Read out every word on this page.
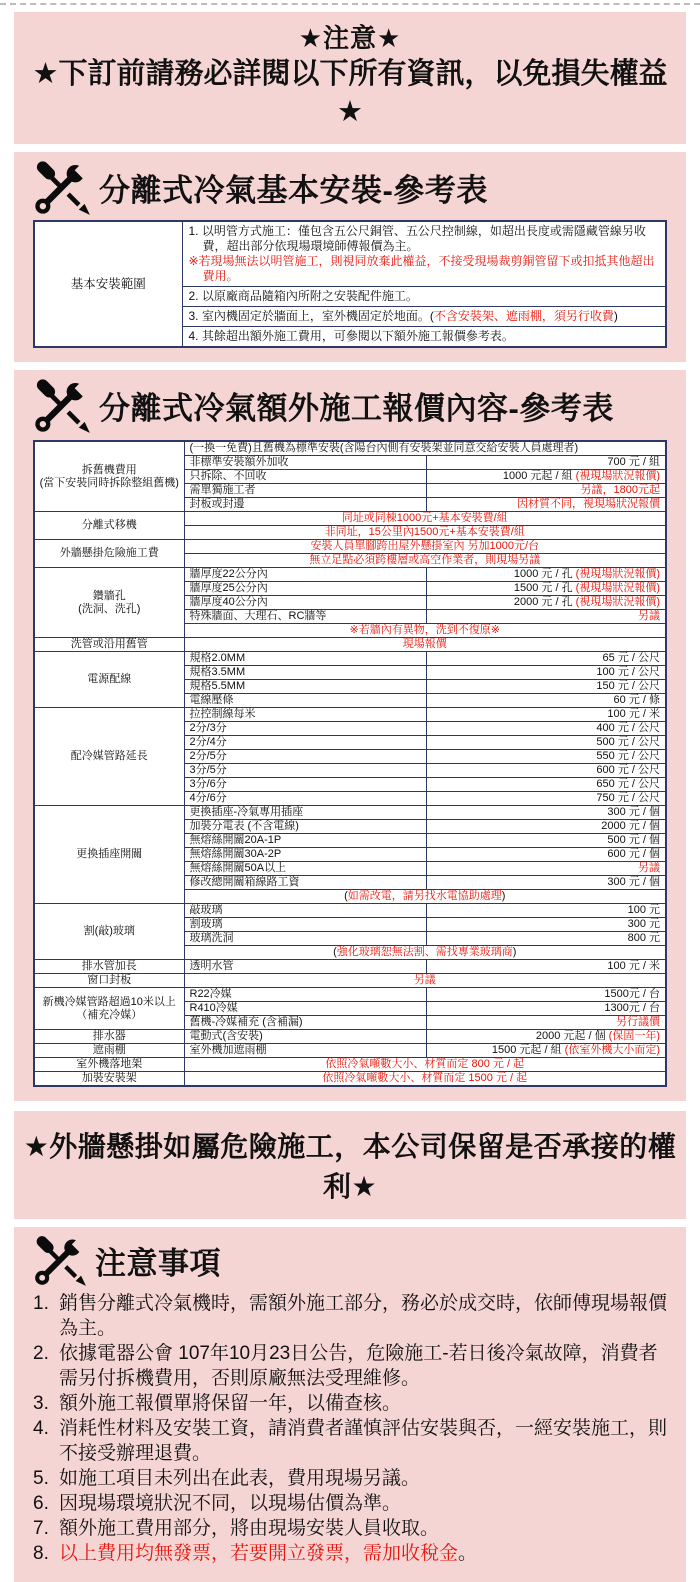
★注意★
★下訂前請務必詳閱以下所有資訊，以免損失權益★
分離式冷氣基本安裝-參考表
基本安裝範圍	
1. 以明管方式施工：僅包含五公尺銅管、五公尺控制線，如超出長度或需隱藏管線另收費，超出部分依現場環境師傅報價為主。
※若現場無法以明管施工，則視同放棄此權益，不接受現場裁剪銅管留下或扣抵其他超出費用。

2. 以原廠商品隨箱內所附之安裝配件施工。
3. 室內機固定於牆面上，室外機固定於地面。(不含安裝架、遮雨棚，須另行收費)
4. 其餘超出額外施工費用，可參閱以下額外施工報價參考表。
分離式冷氣額外施工報價內容-參考表
拆舊機費用
(當下安裝同時拆除整組舊機)	(一換一免費)且舊機為標準安裝(含陽台內側有安裝架並同意交給安裝人員處理者)	
	非標準安裝額外加收	700 元 / 組
	只拆除、不回收	1000 元起 / 組 (視現場狀況報價)
	需單獨施工者	另議，1800元起
	封板或封邊	因材質不同，視現場狀況報價

分離式移機	同址或同棟1000元+基本安裝費/組	
	非同址，15公里內1500元+基本安裝費/組	

外牆懸掛危險施工費	安裝人員單腳跨出屋外懸掛室內 另加1000元/台	
	無立足點必須跨樓層或高空作業者，則現場另議	

鑽牆孔
(洗洞、洗孔)	牆厚度22公分內	1000 元 / 孔 (視現場狀況報價)
	牆厚度25公分內	1500 元 / 孔 (視現場狀況報價)
	牆厚度40公分內	2000 元 / 孔 (視現場狀況報價)
	特殊牆面、大理石、RC牆等	另議
	※若牆內有異物，洗到不復原※	

洗管或沿用舊管	現場報價	

電源配線	規格2.0MM	65 元 / 公尺
	規格3.5MM	100 元 / 公尺
	規格5.5MM	150 元 / 公尺
	電線壓條	60 元 / 條

配冷媒管路延長	拉控制線每米	100 元 / 米
	2分/3分	400 元 / 公尺
	2分/4分	500 元 / 公尺
	2分/5分	550 元 / 公尺
	3分/5分	600 元 / 公尺
	3分/6分	650 元 / 公尺
	4分/6分	750 元 / 公尺

更換插座開關	更換插座-冷氣專用插座	300 元 / 個
	加裝分電表 (不含電線)	2000 元 / 個
	無熔絲開關20A-1P	500 元 / 個
	無熔絲開關30A-2P	600 元 / 個
	無熔絲開關50A以上	另議
	修改總開關箱線路工資	300 元 / 個
	(如需改電，請另找水電協助處理)	

割(敲)玻璃	敲玻璃	100 元
	割玻璃	300 元
	玻璃洗洞	800 元
	(強化玻璃恕無法割、需找專業玻璃商)	

排水管加長	透明水管	100 元 / 米

窗口封板	另議	

新機冷媒管路超過10米以上
（補充冷媒）	R22冷媒	1500元 / 台
	R410冷媒	1300元 / 台
	舊機-冷媒補充 (含補漏)	另行議價

排水器	電動式(含安裝)	2000 元起 / 個 (保固一年)

遮雨棚	室外機加遮雨棚	1500 元起 / 組 (依室外機大小而定)

室外機落地架	依照冷氣噸數大小、材質而定 800 元 / 起	

加裝安裝架	依照冷氣噸數大小、材質而定 1500 元 / 起	
★外牆懸掛如屬危險施工，本公司保留是否承接的權利★
注意事項
1. 銷售分離式冷氣機時，需額外施工部分，務必於成交時，依師傅現場報價為主。
2. 依據電器公會 107年10月23日公告，危險施工-若日後冷氣故障，消費者需另付拆機費用，否則原廠無法受理維修。
3. 額外施工報價單將保留一年，以備查核。
4. 消耗性材料及安裝工資，請消費者謹慎評估安裝與否，一經安裝施工，則不接受辦理退費。
5. 如施工項目未列出在此表，費用現場另議。
6. 因現場環境狀況不同，以現場估價為準。
7. 額外施工費用部分，將由現場安裝人員收取。
8. 以上費用均無發票，若要開立發票，需加收稅金。
